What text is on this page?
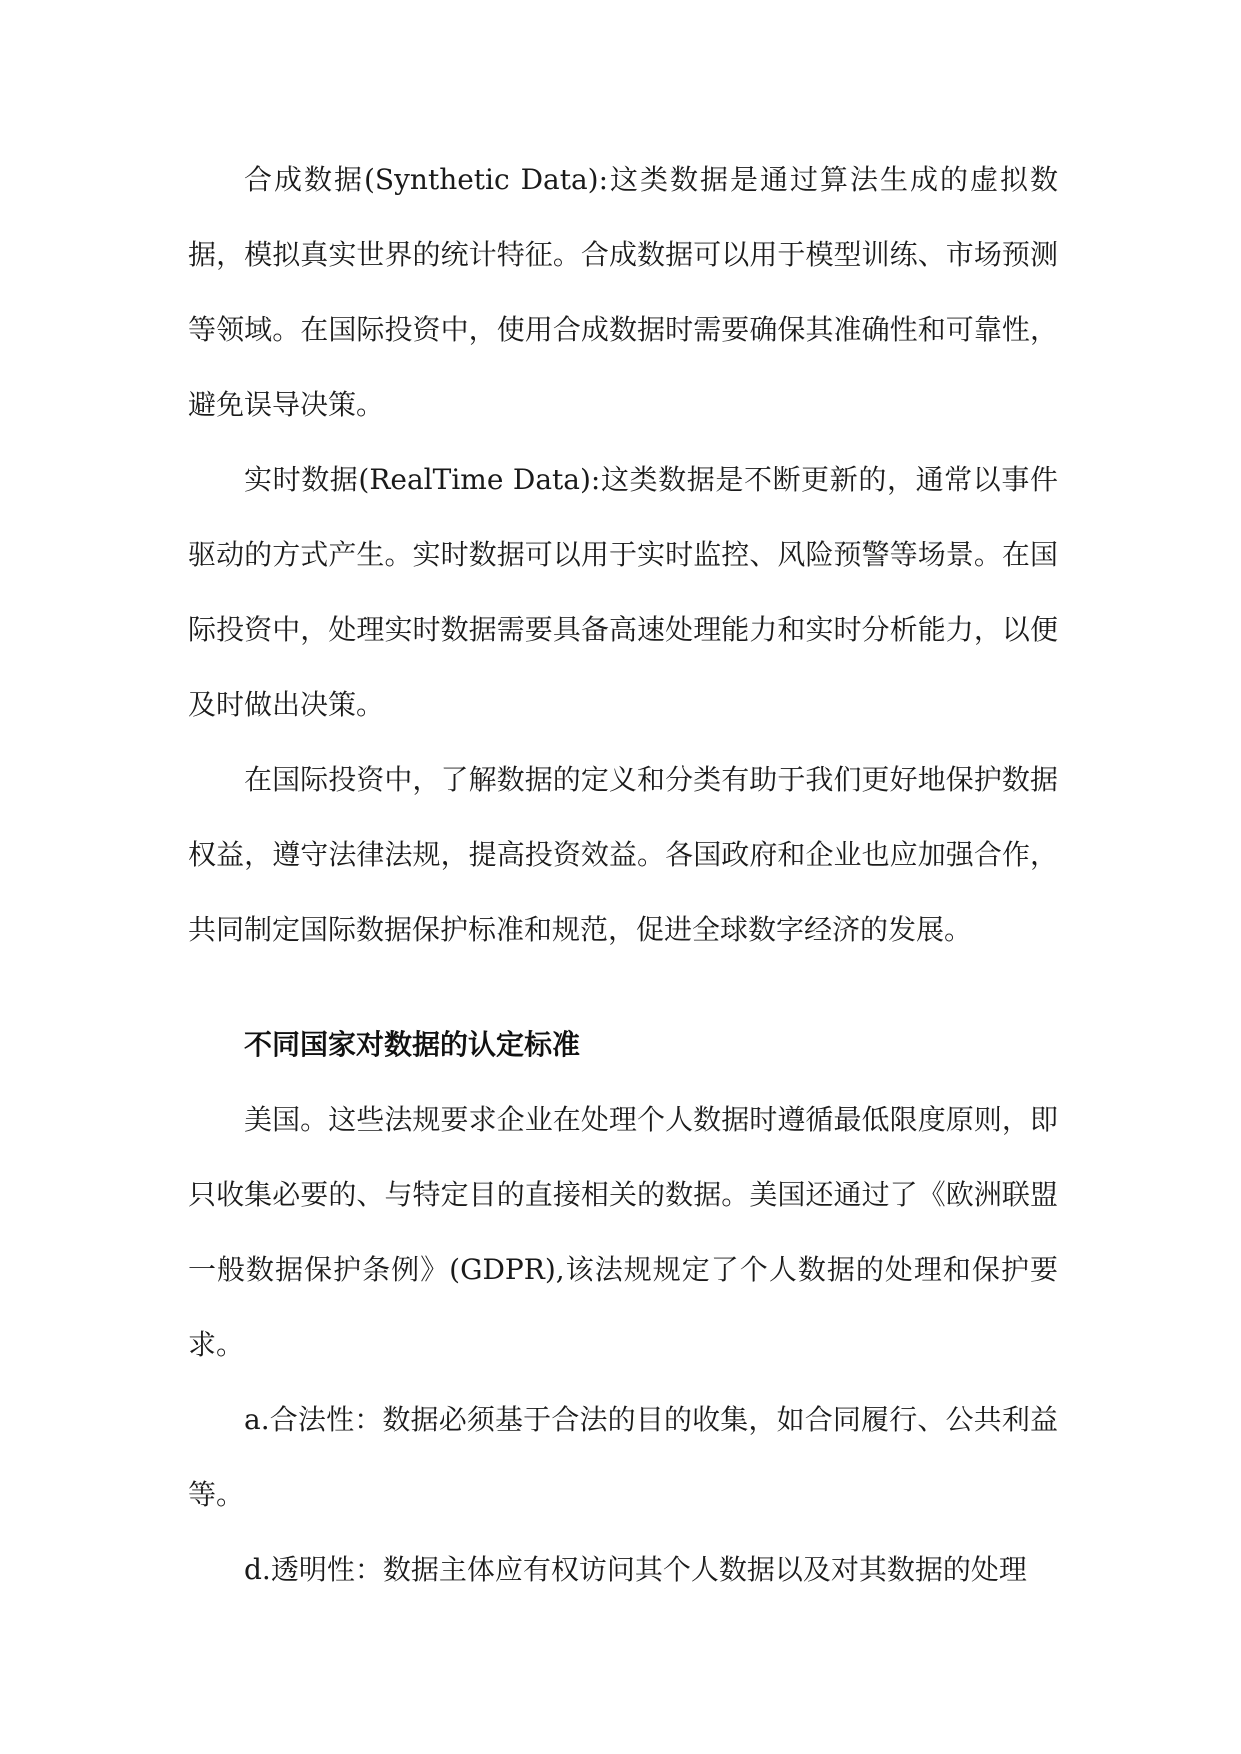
合成数据(Synthetic Data):这类数据是通过算法生成的虚拟数据，模拟真实世界的统计特征。合成数据可以用于模型训练、市场预测等领域。在国际投资中，使用合成数据时需要确保其准确性和可靠性，避免误导决策。

实时数据(RealTime Data):这类数据是不断更新的，通常以事件驱动的方式产生。实时数据可以用于实时监控、风险预警等场景。在国际投资中，处理实时数据需要具备高速处理能力和实时分析能力，以便及时做出决策。

在国际投资中，了解数据的定义和分类有助于我们更好地保护数据权益，遵守法律法规，提高投资效益。各国政府和企业也应加强合作，共同制定国际数据保护标准和规范，促进全球数字经济的发展。

不同国家对数据的认定标准

美国。这些法规要求企业在处理个人数据时遵循最低限度原则，即只收集必要的、与特定目的直接相关的数据。美国还通过了《欧洲联盟一般数据保护条例》(GDPR),该法规规定了个人数据的处理和保护要求。

a.合法性：数据必须基于合法的目的收集，如合同履行、公共利益等。

d.透明性：数据主体应有权访问其个人数据以及对其数据的处理
